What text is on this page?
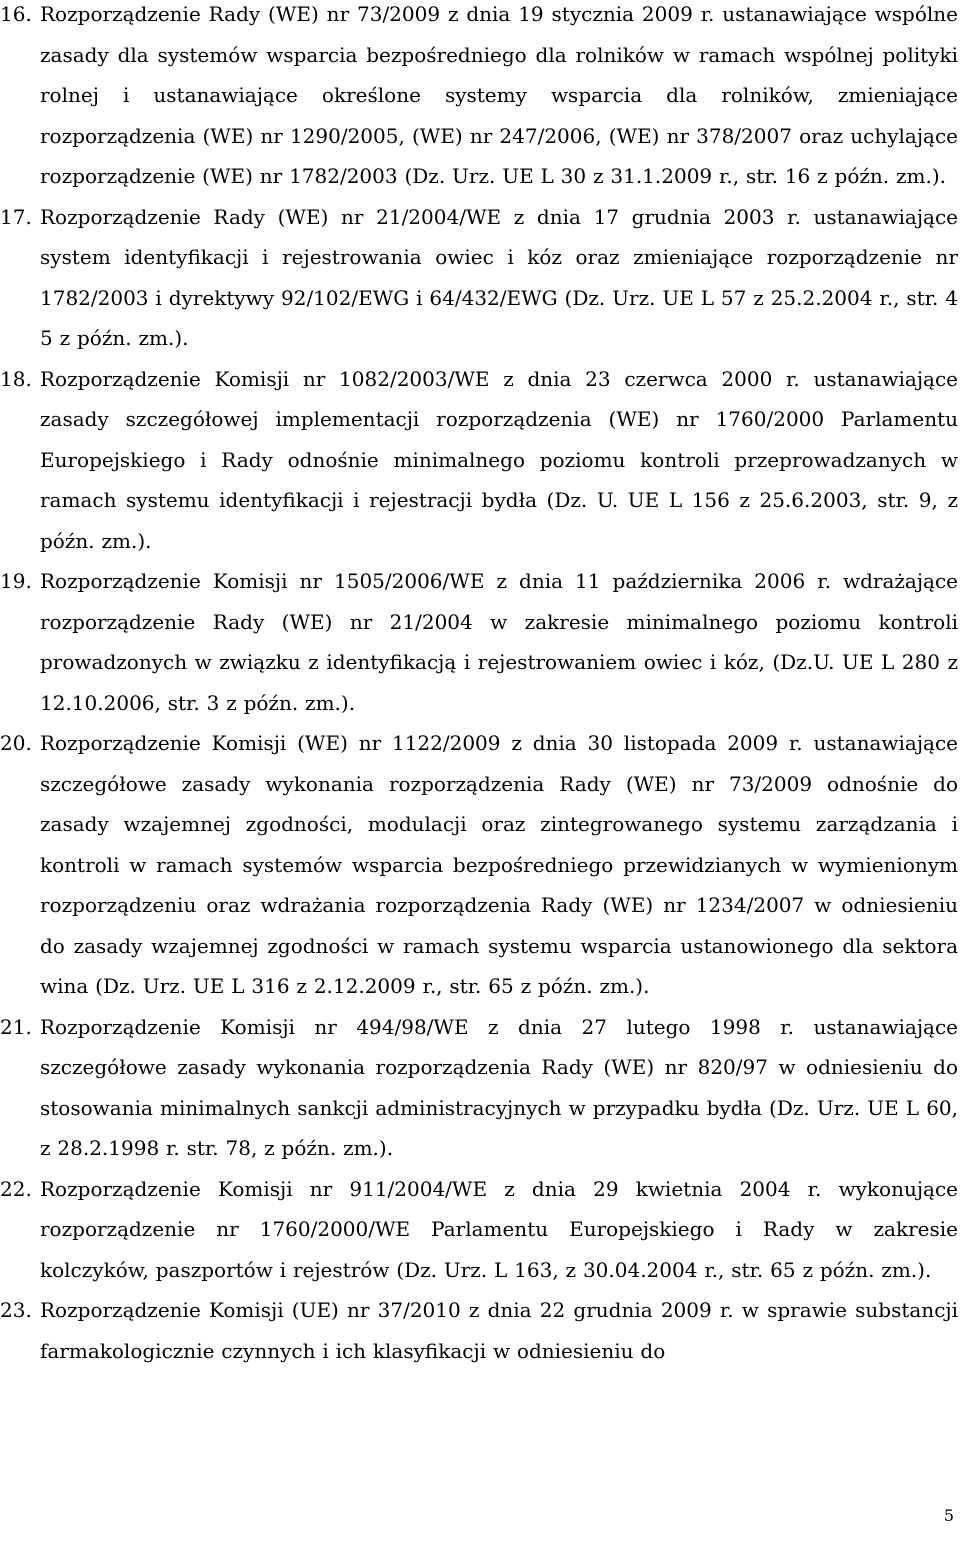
16. Rozporządzenie Rady (WE) nr 73/2009 z dnia 19 stycznia 2009 r. ustanawiające wspólne zasady dla systemów wsparcia bezpośredniego dla rolników w ramach wspólnej polityki rolnej i ustanawiające określone systemy wsparcia dla rolników, zmieniające rozporządzenia (WE) nr 1290/2005, (WE) nr 247/2006, (WE) nr 378/2007 oraz uchylające rozporządzenie (WE) nr 1782/2003 (Dz. Urz. UE L 30 z 31.1.2009 r., str. 16 z późn. zm.).
17. Rozporządzenie Rady (WE) nr 21/2004/WE z dnia 17 grudnia 2003 r. ustanawiające system identyfikacji i rejestrowania owiec i kóz oraz zmieniające rozporządzenie nr 1782/2003 i dyrektywy 92/102/EWG i 64/432/EWG (Dz. Urz. UE L 57 z 25.2.2004 r., str. 4 5 z późn. zm.).
18. Rozporządzenie Komisji nr 1082/2003/WE z dnia 23 czerwca 2000 r. ustanawiające zasady szczegółowej implementacji rozporządzenia (WE) nr 1760/2000 Parlamentu Europejskiego i Rady odnośnie minimalnego poziomu kontroli przeprowadzanych w ramach systemu identyfikacji i rejestracji bydła (Dz. U. UE L 156 z 25.6.2003, str. 9, z późn. zm.).
19. Rozporządzenie Komisji nr 1505/2006/WE z dnia 11 października 2006 r. wdrażające rozporządzenie Rady (WE) nr 21/2004 w zakresie minimalnego poziomu kontroli prowadzonych w związku z identyfikacją i rejestrowaniem owiec i kóz, (Dz.U. UE L 280 z 12.10.2006, str. 3 z późn. zm.).
20. Rozporządzenie Komisji (WE) nr 1122/2009 z dnia 30 listopada 2009 r. ustanawiające szczegółowe zasady wykonania rozporządzenia Rady (WE) nr 73/2009 odnośnie do zasady wzajemnej zgodności, modulacji oraz zintegrowanego systemu zarządzania i kontroli w ramach systemów wsparcia bezpośredniego przewidzianych w wymienionym rozporządzeniu oraz wdrażania rozporządzenia Rady (WE) nr 1234/2007 w odniesieniu do zasady wzajemnej zgodności w ramach systemu wsparcia ustanowionego dla sektora wina (Dz. Urz. UE L 316 z 2.12.2009 r., str. 65 z późn. zm.).
21. Rozporządzenie Komisji nr 494/98/WE z dnia 27 lutego 1998 r. ustanawiające szczegółowe zasady wykonania rozporządzenia Rady (WE) nr 820/97 w odniesieniu do stosowania minimalnych sankcji administracyjnych w przypadku bydła (Dz. Urz. UE L 60, z 28.2.1998 r. str. 78, z późn. zm.).
22. Rozporządzenie Komisji nr 911/2004/WE z dnia 29 kwietnia 2004 r. wykonujące rozporządzenie nr 1760/2000/WE Parlamentu Europejskiego i Rady w zakresie kolczyków, paszportów i rejestrów (Dz. Urz. L 163, z 30.04.2004 r., str. 65 z późn. zm.).
23. Rozporządzenie Komisji (UE) nr 37/2010 z dnia 22 grudnia 2009 r. w sprawie substancji farmakologicznie czynnych i ich klasyfikacji w odniesieniu do
5
